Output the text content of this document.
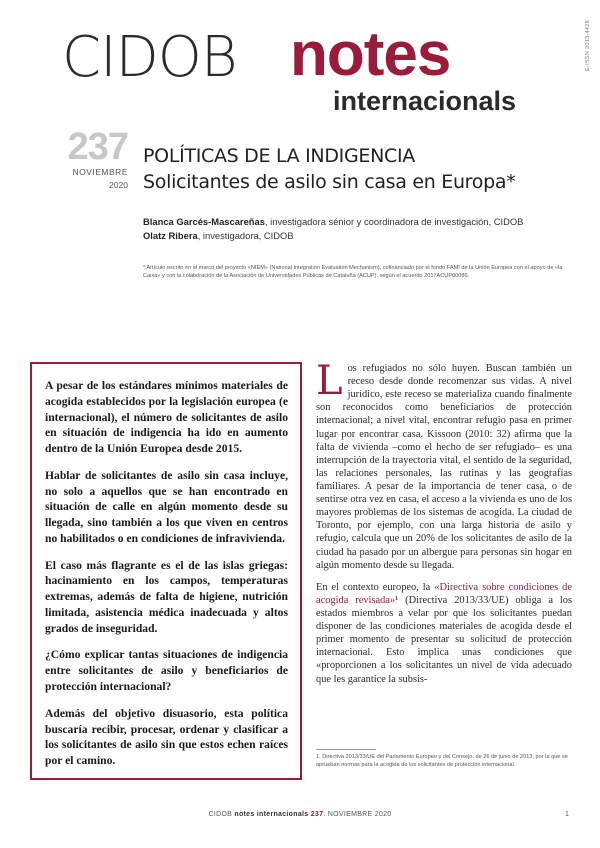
CIDOB notes
internacionals
E-ISSN 2013-4428
237
NOVIEMBRE
2020
POLÍTICAS DE LA INDIGENCIA
Solicitantes de asilo sin casa en Europa*
Blanca Garcés-Mascareñas, investigadora sénior y coordinadora de investigación, CIDOB
Olatz Ribera, investigadora, CIDOB
* Artículo escrito en el marco del proyecto «NIEM» (National Integration Evaluation Mechanism), cofinanciado por el fondo FAMI de la Unión Europea con el apoyo de «la Caixa» y con la colaboración de la Asociación de Universidades Públicas de Cataluña (ACUP), según el acuerdo 2017ACUP00086.

A pesar de los estándares mínimos materiales de acogida establecidos por la legislación europea (e internacional), el número de solicitantes de asilo en situación de indigencia ha ido en aumento dentro de la Unión Europea desde 2015.

Hablar de solicitantes de asilo sin casa incluye, no solo a aquellos que se han encontrado en situación de calle en algún momento desde su llegada, sino también a los que viven en centros no habilitados o en condiciones de infravivienda.

El caso más flagrante es el de las islas griegas: hacinamiento en los campos, temperaturas extremas, además de falta de higiene, nutrición limitada, asistencia médica inadecuada y altos grados de inseguridad.

¿Cómo explicar tantas situaciones de indigencia entre solicitantes de asilo y beneficiarios de protección internacional?

Además del objetivo disuasorio, esta política buscaría recibir, procesar, ordenar y clasificar a los solicitantes de asilo sin que estos echen raíces por el camino.

Los refugiados no sólo huyen. Buscan también un receso desde donde recomenzar sus vidas. A nivel jurídico, este receso se materializa cuando finalmente son reconocidos como beneficiarios de protección internacional; a nivel vital, encontrar refugio pasa en primer lugar por encontrar casa. Kissoon (2010: 32) afirma que la falta de vivienda –como el hecho de ser refugiado– es una interrupción de la trayectoria vital, el sentido de la seguridad, las relaciones personales, las rutinas y las geografías familiares. A pesar de la importancia de tener casa, o de sentirse otra vez en casa, el acceso a la vivienda es uno de los mayores problemas de los sistemas de acogida. La ciudad de Toronto, por ejemplo, con una larga historia de asilo y refugio, calcula que un 20% de los solicitantes de asilo de la ciudad ha pasado por un albergue para personas sin hogar en algún momento desde su llegada.

En el contexto europeo, la «Directiva sobre condiciones de acogida revisada»¹ (Directiva 2013/33/UE) obliga a los estados miembros a velar por que los solicitantes puedan disponer de las condiciones materiales de acogida desde el primer momento de presentar su solicitud de protección internacional. Esto implica unas condiciones que «proporcionen a los solicitantes un nivel de vida adecuado que les garantice la subsis-

1. Directiva 2013/33/UE del Parlamento Europeo y del Consejo, de 26 de junio de 2013, por la que se aprueban normas para la acogida de los solicitantes de protección internacional.
CIDOB notes internacionals 237. NOVIEMBRE 2020	1
